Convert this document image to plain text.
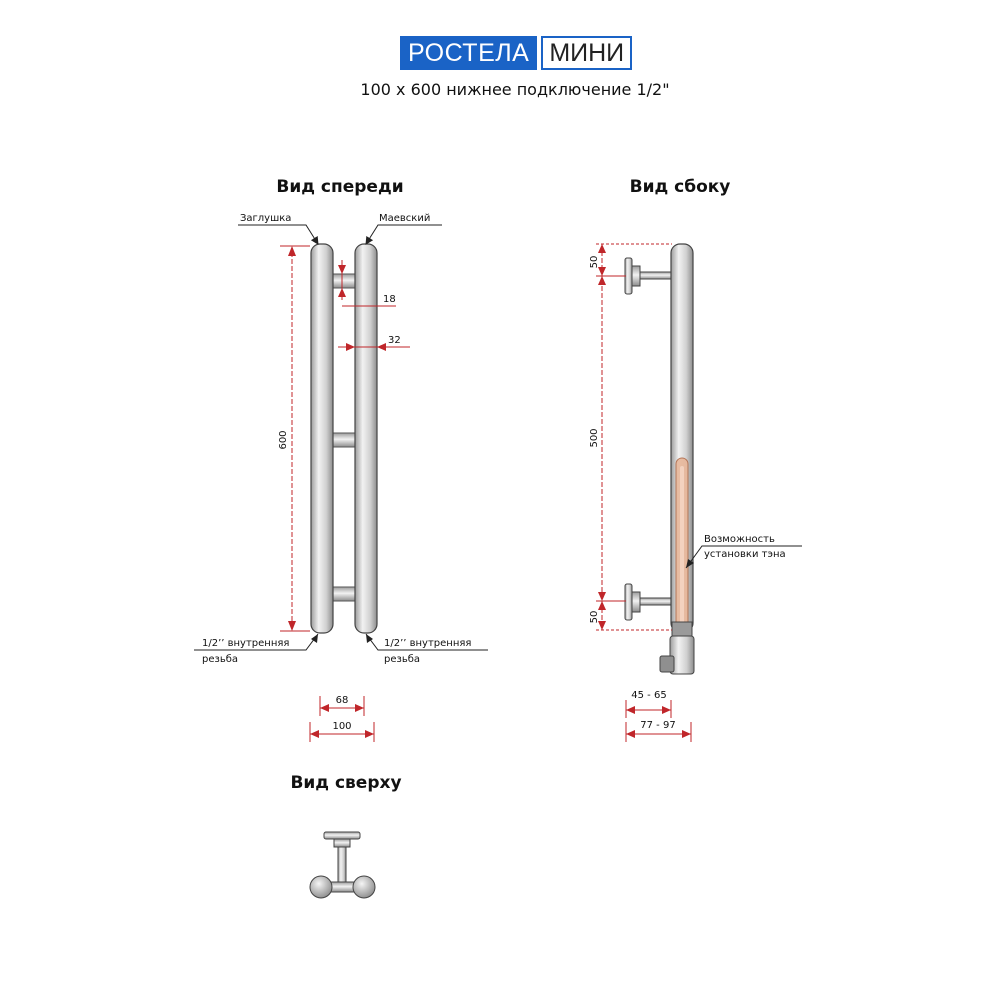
РОСТЕЛА МИНИ
100 х 600 нижнее подключение 1/2"
Вид спереди
Заглушка	Маевский
600
18
32
1/2’’ внутренняя
резьба
1/2’’ внутренняя
резьба
68
100
Вид сбоку
50
500
50
Возможность
установки тэна
45 - 65
77 - 97
Вид сверху
